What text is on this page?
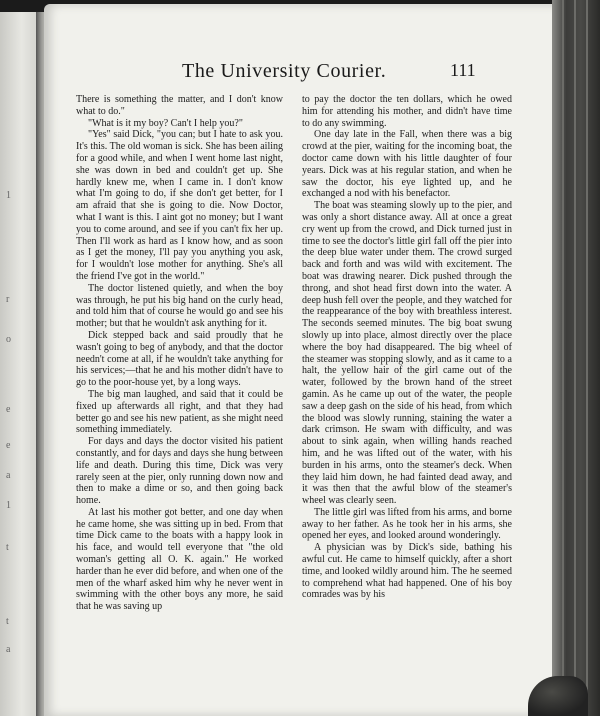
1
r
o
e
e
a
1
t
t
a
The University Courier.	111

There is something the matter, and I don't know what to do."

"What is it my boy? Can't I help you?"

"Yes" said Dick, "you can; but I hate to ask you. It's this. The old woman is sick. She has been ailing for a good while, and when I went home last night, she was down in bed and couldn't get up. She hardly knew me, when I came in. I don't know what I'm going to do, if she don't get better, for I am afraid that she is going to die. Now Doctor, what I want is this. I aint got no money; but I want you to come around, and see if you can't fix her up. Then I'll work as hard as I know how, and as soon as I get the money, I'll pay you anything you ask, for I wouldn't lose mother for anything. She's all the friend I've got in the world."

The doctor listened quietly, and when the boy was through, he put his big hand on the curly head, and told him that of course he would go and see his mother; but that he wouldn't ask anything for it.

Dick stepped back and said proudly that he wasn't going to beg of anybody, and that the doctor needn't come at all, if he wouldn't take anything for his services;—that he and his mother didn't have to go to the poor-house yet, by a long ways.

The big man laughed, and said that it could be fixed up afterwards all right, and that they had better go and see his new patient, as she might need something immediately.

For days and days the doctor visited his patient constantly, and for days and days she hung between life and death. During this time, Dick was very rarely seen at the pier, only running down now and then to make a dime or so, and then going back home.

At last his mother got better, and one day when he came home, she was sitting up in bed. From that time Dick came to the boats with a happy look in his face, and would tell everyone that "the old woman's getting all O. K. again." He worked harder than he ever did before, and when one of the men of the wharf asked him why he never went in swimming with the other boys any more, he said that he was saving up

to pay the doctor the ten dollars, which he owed him for attending his mother, and didn't have time to do any swimming.

One day late in the Fall, when there was a big crowd at the pier, waiting for the incoming boat, the doctor came down with his little daughter of four years. Dick was at his regular station, and when he saw the doctor, his eye lighted up, and he exchanged a nod with his benefactor.

The boat was steaming slowly up to the pier, and was only a short distance away. All at once a great cry went up from the crowd, and Dick turned just in time to see the doctor's little girl fall off the pier into the deep blue water under them. The crowd surged back and forth and was wild with excitement. The boat was drawing nearer. Dick pushed through the throng, and shot head first down into the water. A deep hush fell over the people, and they watched for the reappearance of the boy with breathless interest. The seconds seemed minutes. The big boat swung slowly up into place, almost directly over the place where the boy had disappeared. The big wheel of the steamer was stopping slowly, and as it came to a halt, the yellow hair of the girl came out of the water, followed by the brown hand of the street gamin. As he came up out of the water, the people saw a deep gash on the side of his head, from which the blood was slowly running, staining the water a dark crimson. He swam with difficulty, and was about to sink again, when willing hands reached him, and he was lifted out of the water, with his burden in his arms, onto the steamer's deck. When they laid him down, he had fainted dead away, and it was then that the awful blow of the steamer's wheel was clearly seen.

The little girl was lifted from his arms, and borne away to her father. As he took her in his arms, she opened her eyes, and looked around wonderingly.

A physician was by Dick's side, bathing his awful cut. He came to himself quickly, after a short time, and looked wildly around him. The he seemed to comprehend what had happened. One of his boy comrades was by his
